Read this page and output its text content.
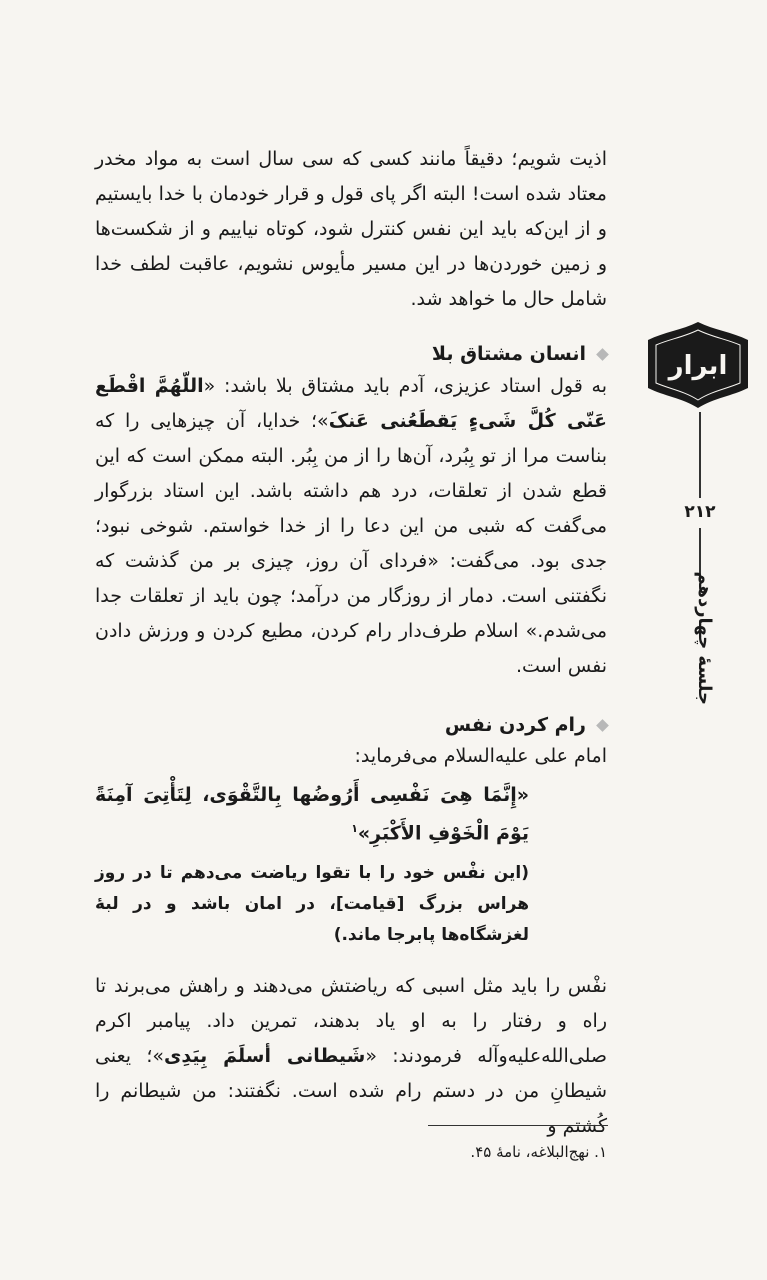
اذیت شویم؛ دقیقاً مانند کسی که سی سال است به مواد مخدر معتاد شده است! البته اگر پای قول و قرار خودمان با خدا بایستیم و از این‌که باید این نفس کنترل شود، کوتاه نیاییم و از شکست‌ها و زمین خوردن‌ها در این مسیر مأیوس نشویم، عاقبت لطف خدا شامل حال ما خواهد شد.

انسان مشتاق بلا

به قول استاد عزیزی، آدم باید مشتاق بلا باشد: «اللّهُمَّ اقْطَع عَنّی کُلَّ شَیءٍ یَقطَعُنی عَنکَ»؛ خدایا، آن چیزهایی را که بناست مرا از تو بِبُرد، آن‌ها را از من بِبُر. البته ممکن است که این قطع شدن از تعلقات، درد هم داشته باشد. این استاد بزرگوار می‌گفت که شبی من این دعا را از خدا خواستم. شوخی نبود؛ جدی بود. می‌گفت: «فردای آن روز، چیزی بر من گذشت که نگفتنی است. دمار از روزگار من درآمد؛ چون باید از تعلقات جدا می‌شدم.» اسلام طرف‌دار رام کردن، مطیع کردن و ورزش دادن نفس است.

رام کردن نفس

امام علی علیه‌السلام می‌فرماید:

«إِنَّمَا هِیَ نَفْسِی أَرُوضُها بِالتَّقْوَی، لِتَأْتِیَ آمِنَةً یَوْمَ الْخَوْفِ الأَکْبَرِ»$^۱$

(این نفْس خود را با تقوا ریاضت می‌دهم تا در روز هراس بزرگ [قیامت]، در امان باشد و در لبهٔ لغزشگاه‌ها پابرجا ماند.)

نفْس را باید مثل اسبی که ریاضتش می‌دهند و راهش می‌برند تا راه و رفتار را به او یاد بدهند، تمرین داد. پیامبر اکرم صلی‌الله‌علیه‌وآله فرمودند: «شَیطانی أسلَمَ بِیَدِی»؛ یعنی شیطانِ من در دستم رام شده است. نگفتند: من شیطانم را کُشتم و

۱. نهج‌البلاغه، نامهٔ ۴۵.
ابرار
۲۱۲
جلسهٔ چهاردهم
